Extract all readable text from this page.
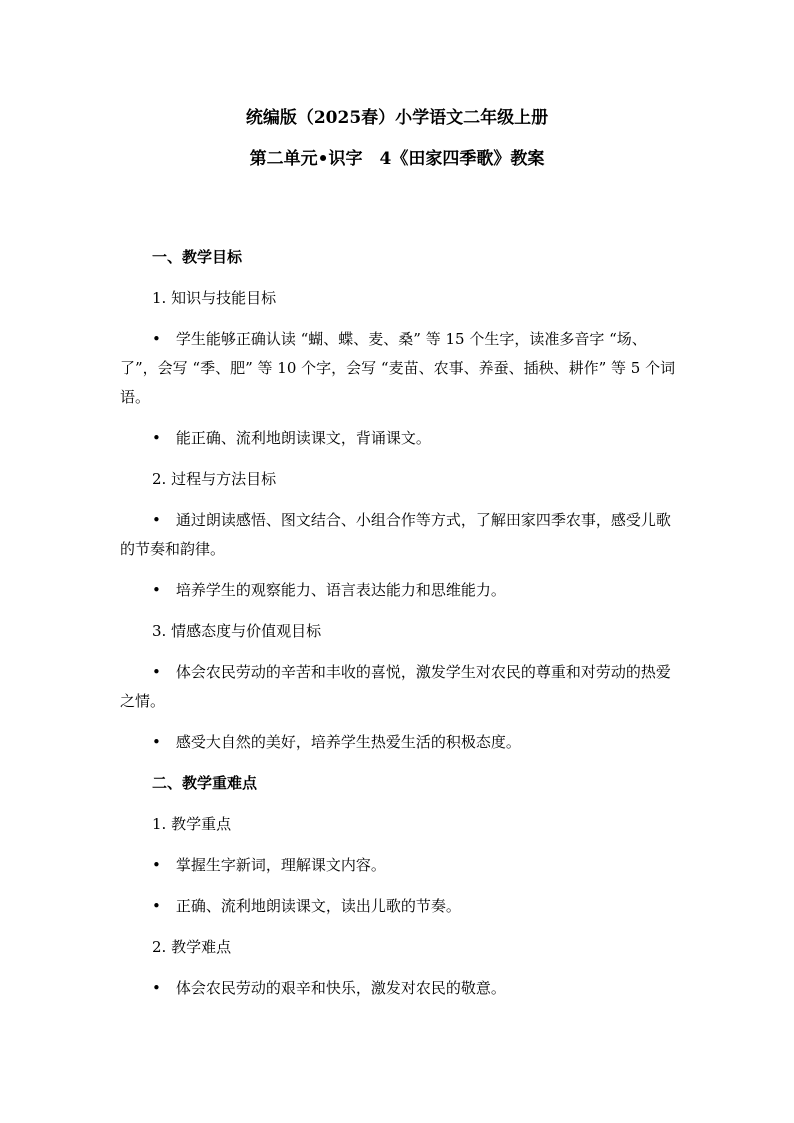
统编版（2025春）小学语文二年级上册
第二单元•识字　4《田家四季歌》教案

一、教学目标

1. 知识与技能目标

•　学生能够正确认读 “蝴、蝶、麦、桑” 等 15 个生字，读准多音字 “场、了”，会写 “季、肥” 等 10 个字，会写 “麦苗、农事、养蚕、插秧、耕作” 等 5 个词语。

•　能正确、流利地朗读课文，背诵课文。

2. 过程与方法目标

•　通过朗读感悟、图文结合、小组合作等方式，了解田家四季农事，感受儿歌的节奏和韵律。

•　培养学生的观察能力、语言表达能力和思维能力。

3. 情感态度与价值观目标

•　体会农民劳动的辛苦和丰收的喜悦，激发学生对农民的尊重和对劳动的热爱之情。

•　感受大自然的美好，培养学生热爱生活的积极态度。

二、教学重难点

1. 教学重点

•　掌握生字新词，理解课文内容。

•　正确、流利地朗读课文，读出儿歌的节奏。

2. 教学难点

•　体会农民劳动的艰辛和快乐，激发对农民的敬意。
